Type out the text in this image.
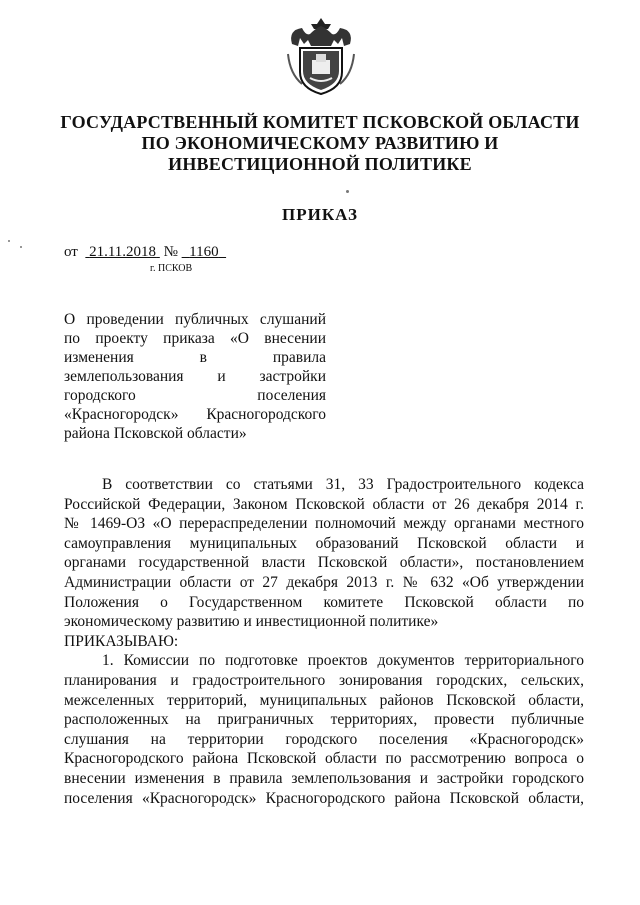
ГОСУДАРСТВЕННЫЙ КОМИТЕТ ПСКОВСКОЙ ОБЛАСТИ
ПО ЭКОНОМИЧЕСКОМУ РАЗВИТИЮ И
ИНВЕСТИЦИОННОЙ ПОЛИТИКЕ
ПРИКАЗ
от 21.11.2018 № 1160
г. ПСКОВ
О проведении публичных слушаний
по проекту приказа «О внесении
изменения в правила
землепользования и застройки
городского поселения
«Красногородск» Красногородского
района Псковской области»
В соответствии со статьями 31, 33 Градостроительного кодекса
Российской Федерации, Законом Псковской области от 26 декабря 2014 г.
№ 1469-ОЗ «О перераспределении полномочий между органами местного
самоуправления муниципальных образований Псковской области и
органами государственной власти Псковской области», постановлением
Администрации области от 27 декабря 2013 г. № 632 «Об утверждении
Положения о Государственном комитете Псковской области по
экономическому развитию и инвестиционной политике»
ПРИКАЗЫВАЮ:
1. Комиссии по подготовке проектов документов территориального
планирования и градостроительного зонирования городских, сельских,
межселенных территорий, муниципальных районов Псковской области,
расположенных на приграничных территориях, провести публичные
слушания на территории городского поселения «Красногородск»
Красногородского района Псковской области по рассмотрению вопроса о
внесении изменения в правила землепользования и застройки городского
поселения «Красногородск» Красногородского района Псковской области,
